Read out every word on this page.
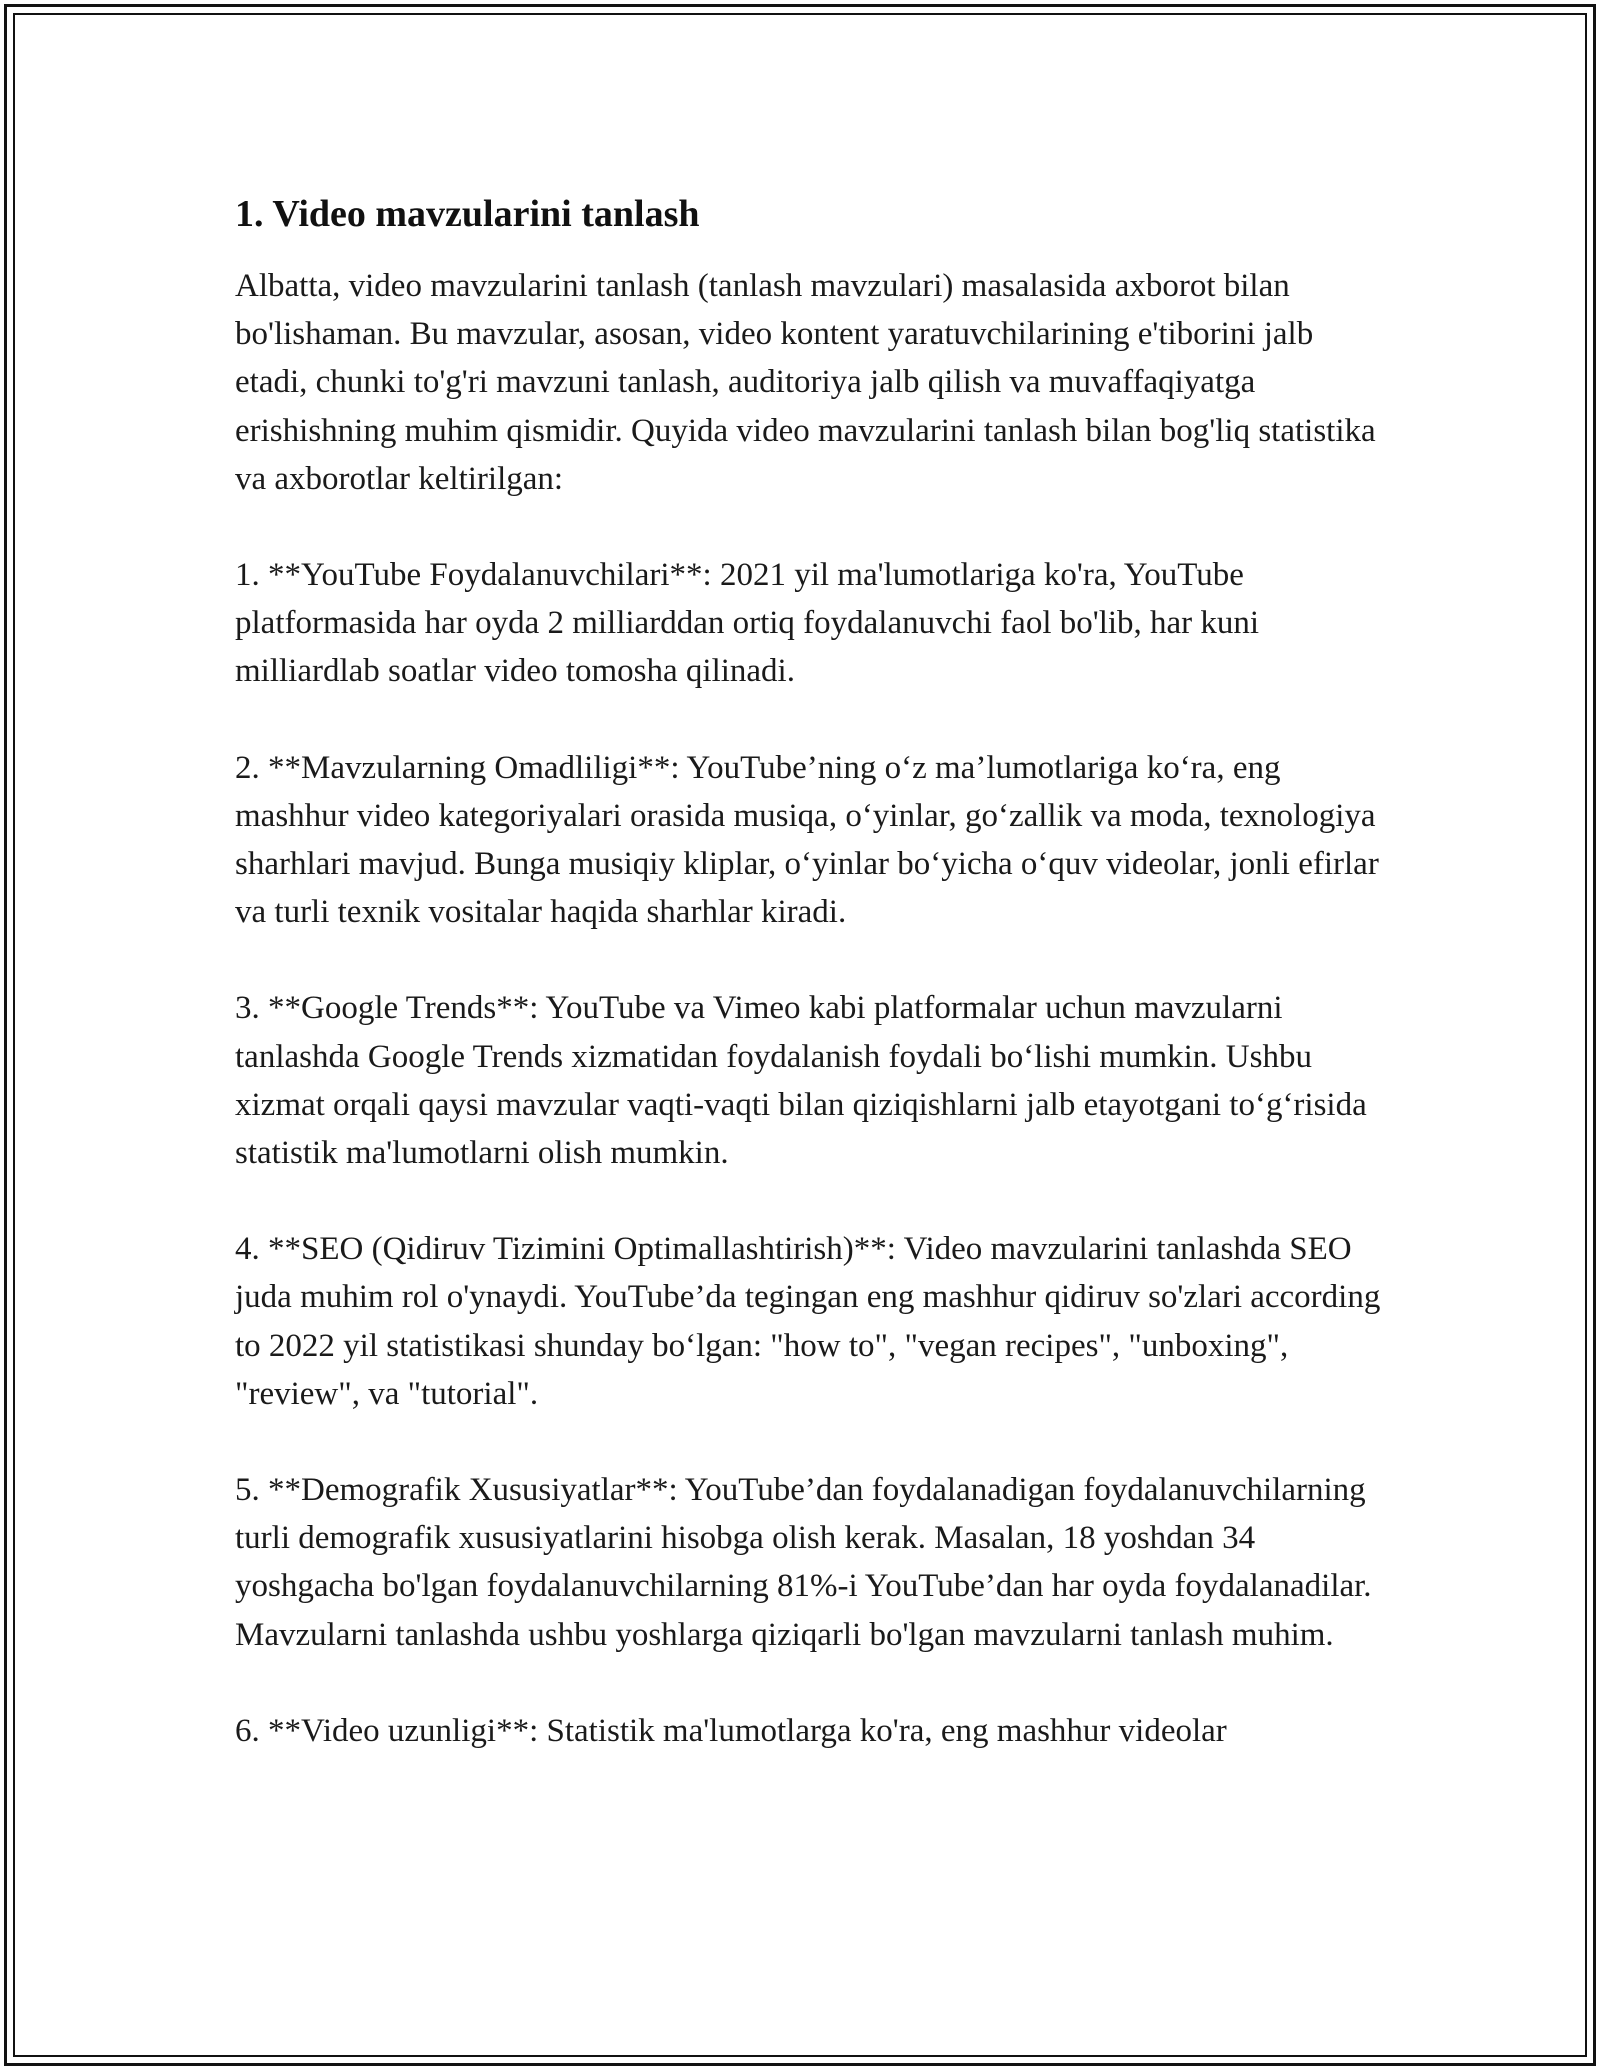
1. Video mavzularini tanlash

Albatta, video mavzularini tanlash (tanlash mavzulari) masalasida axborot bilan bo'lishaman. Bu mavzular, asosan, video kontent yaratuvchilarining e'tiborini jalb etadi, chunki to'g'ri mavzuni tanlash, auditoriya jalb qilish va muvaffaqiyatga erishishning muhim qismidir. Quyida video mavzularini tanlash bilan bog'liq statistika va axborotlar keltirilgan:

1. **YouTube Foydalanuvchilari**: 2021 yil ma'lumotlariga ko'ra, YouTube platformasida har oyda 2 milliarddan ortiq foydalanuvchi faol bo'lib, har kuni milliardlab soatlar video tomosha qilinadi.

2. **Mavzularning Omadliligi**: YouTube’ning o‘z ma’lumotlariga ko‘ra, eng mashhur video kategoriyalari orasida musiqa, o‘yinlar, go‘zallik va moda, texnologiya sharhlari mavjud. Bunga musiqiy kliplar, o‘yinlar bo‘yicha o‘quv videolar, jonli efirlar va turli texnik vositalar haqida sharhlar kiradi.

3. **Google Trends**: YouTube va Vimeo kabi platformalar uchun mavzularni tanlashda Google Trends xizmatidan foydalanish foydali bo‘lishi mumkin. Ushbu xizmat orqali qaysi mavzular vaqti-vaqti bilan qiziqishlarni jalb etayotgani to‘g‘risida statistik ma'lumotlarni olish mumkin.

4. **SEO (Qidiruv Tizimini Optimallashtirish)**: Video mavzularini tanlashda SEO juda muhim rol o'ynaydi. YouTube’da tegingan eng mashhur qidiruv so'zlari according to 2022 yil statistikasi shunday bo‘lgan: "how to", "vegan recipes", "unboxing", "review", va "tutorial".

5. **Demografik Xususiyatlar**: YouTube’dan foydalanadigan foydalanuvchilarning turli demografik xususiyatlarini hisobga olish kerak. Masalan, 18 yoshdan 34 yoshgacha bo'lgan foydalanuvchilarning 81%-i YouTube’dan har oyda foydalanadilar. Mavzularni tanlashda ushbu yoshlarga qiziqarli bo'lgan mavzularni tanlash muhim.

6. **Video uzunligi**: Statistik ma'lumotlarga ko'ra, eng mashhur videolar
